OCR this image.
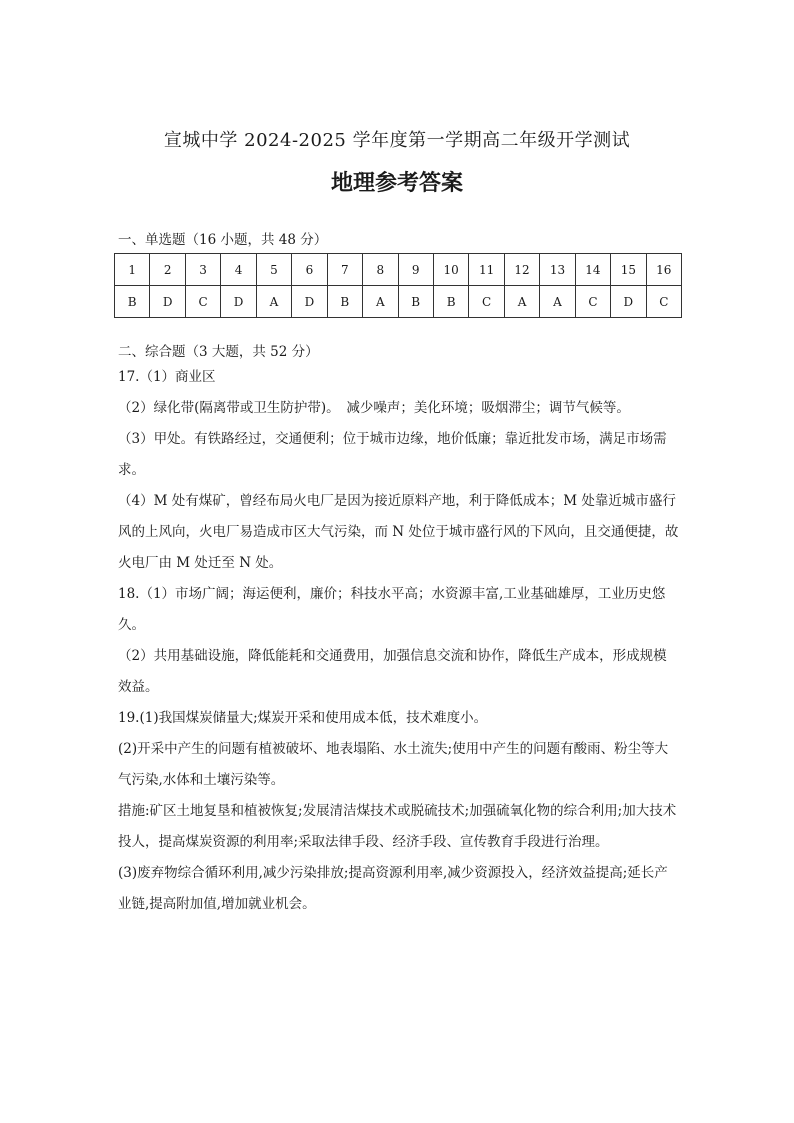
宣城中学 2024-2025 学年度第一学期高二年级开学测试
地理参考答案
一、单选题（16 小题，共 48 分）
1	2	3	4	5	6	7	8	9	10	11	12	13	14	15	16
B	D	C	D	A	D	B	A	B	B	C	A	A	C	D	C
二、综合题（3 大题，共 52 分）

17.（1）商业区

（2）绿化带(隔离带或卫生防护带)。　减少噪声；美化环境；吸烟滞尘；调节气候等。

（3）甲处。有铁路经过，交通便利；位于城市边缘，地价低廉；靠近批发市场，满足市场需求。

（4）M 处有煤矿，曾经布局火电厂是因为接近原料产地，利于降低成本；M 处靠近城市盛行风的上风向，火电厂易造成市区大气污染，而 N 处位于城市盛行风的下风向，且交通便捷，故火电厂由 M 处迁至 N 处。

18.（1）市场广阔；海运便利，廉价；科技水平高；水资源丰富,工业基础雄厚，工业历史悠久。

（2）共用基础设施，降低能耗和交通费用，加强信息交流和协作，降低生产成本，形成规模效益。

19.(1)我国煤炭储量大;煤炭开采和使用成本低，技术难度小。

(2)开采中产生的问题有植被破坏、地表塌陷、水土流失;使用中产生的问题有酸雨、粉尘等大气污染,水体和土壤污染等。

措施:矿区土地复垦和植被恢复;发展清洁煤技术或脱硫技术;加强硫氧化物的综合利用;加大技术投人，提高煤炭资源的利用率;采取法律手段、经济手段、宣传教育手段进行治理。

(3)废弃物综合循环利用,减少污染排放;提高资源利用率,减少资源投入，经济效益提高;延长产业链,提高附加值,增加就业机会。
